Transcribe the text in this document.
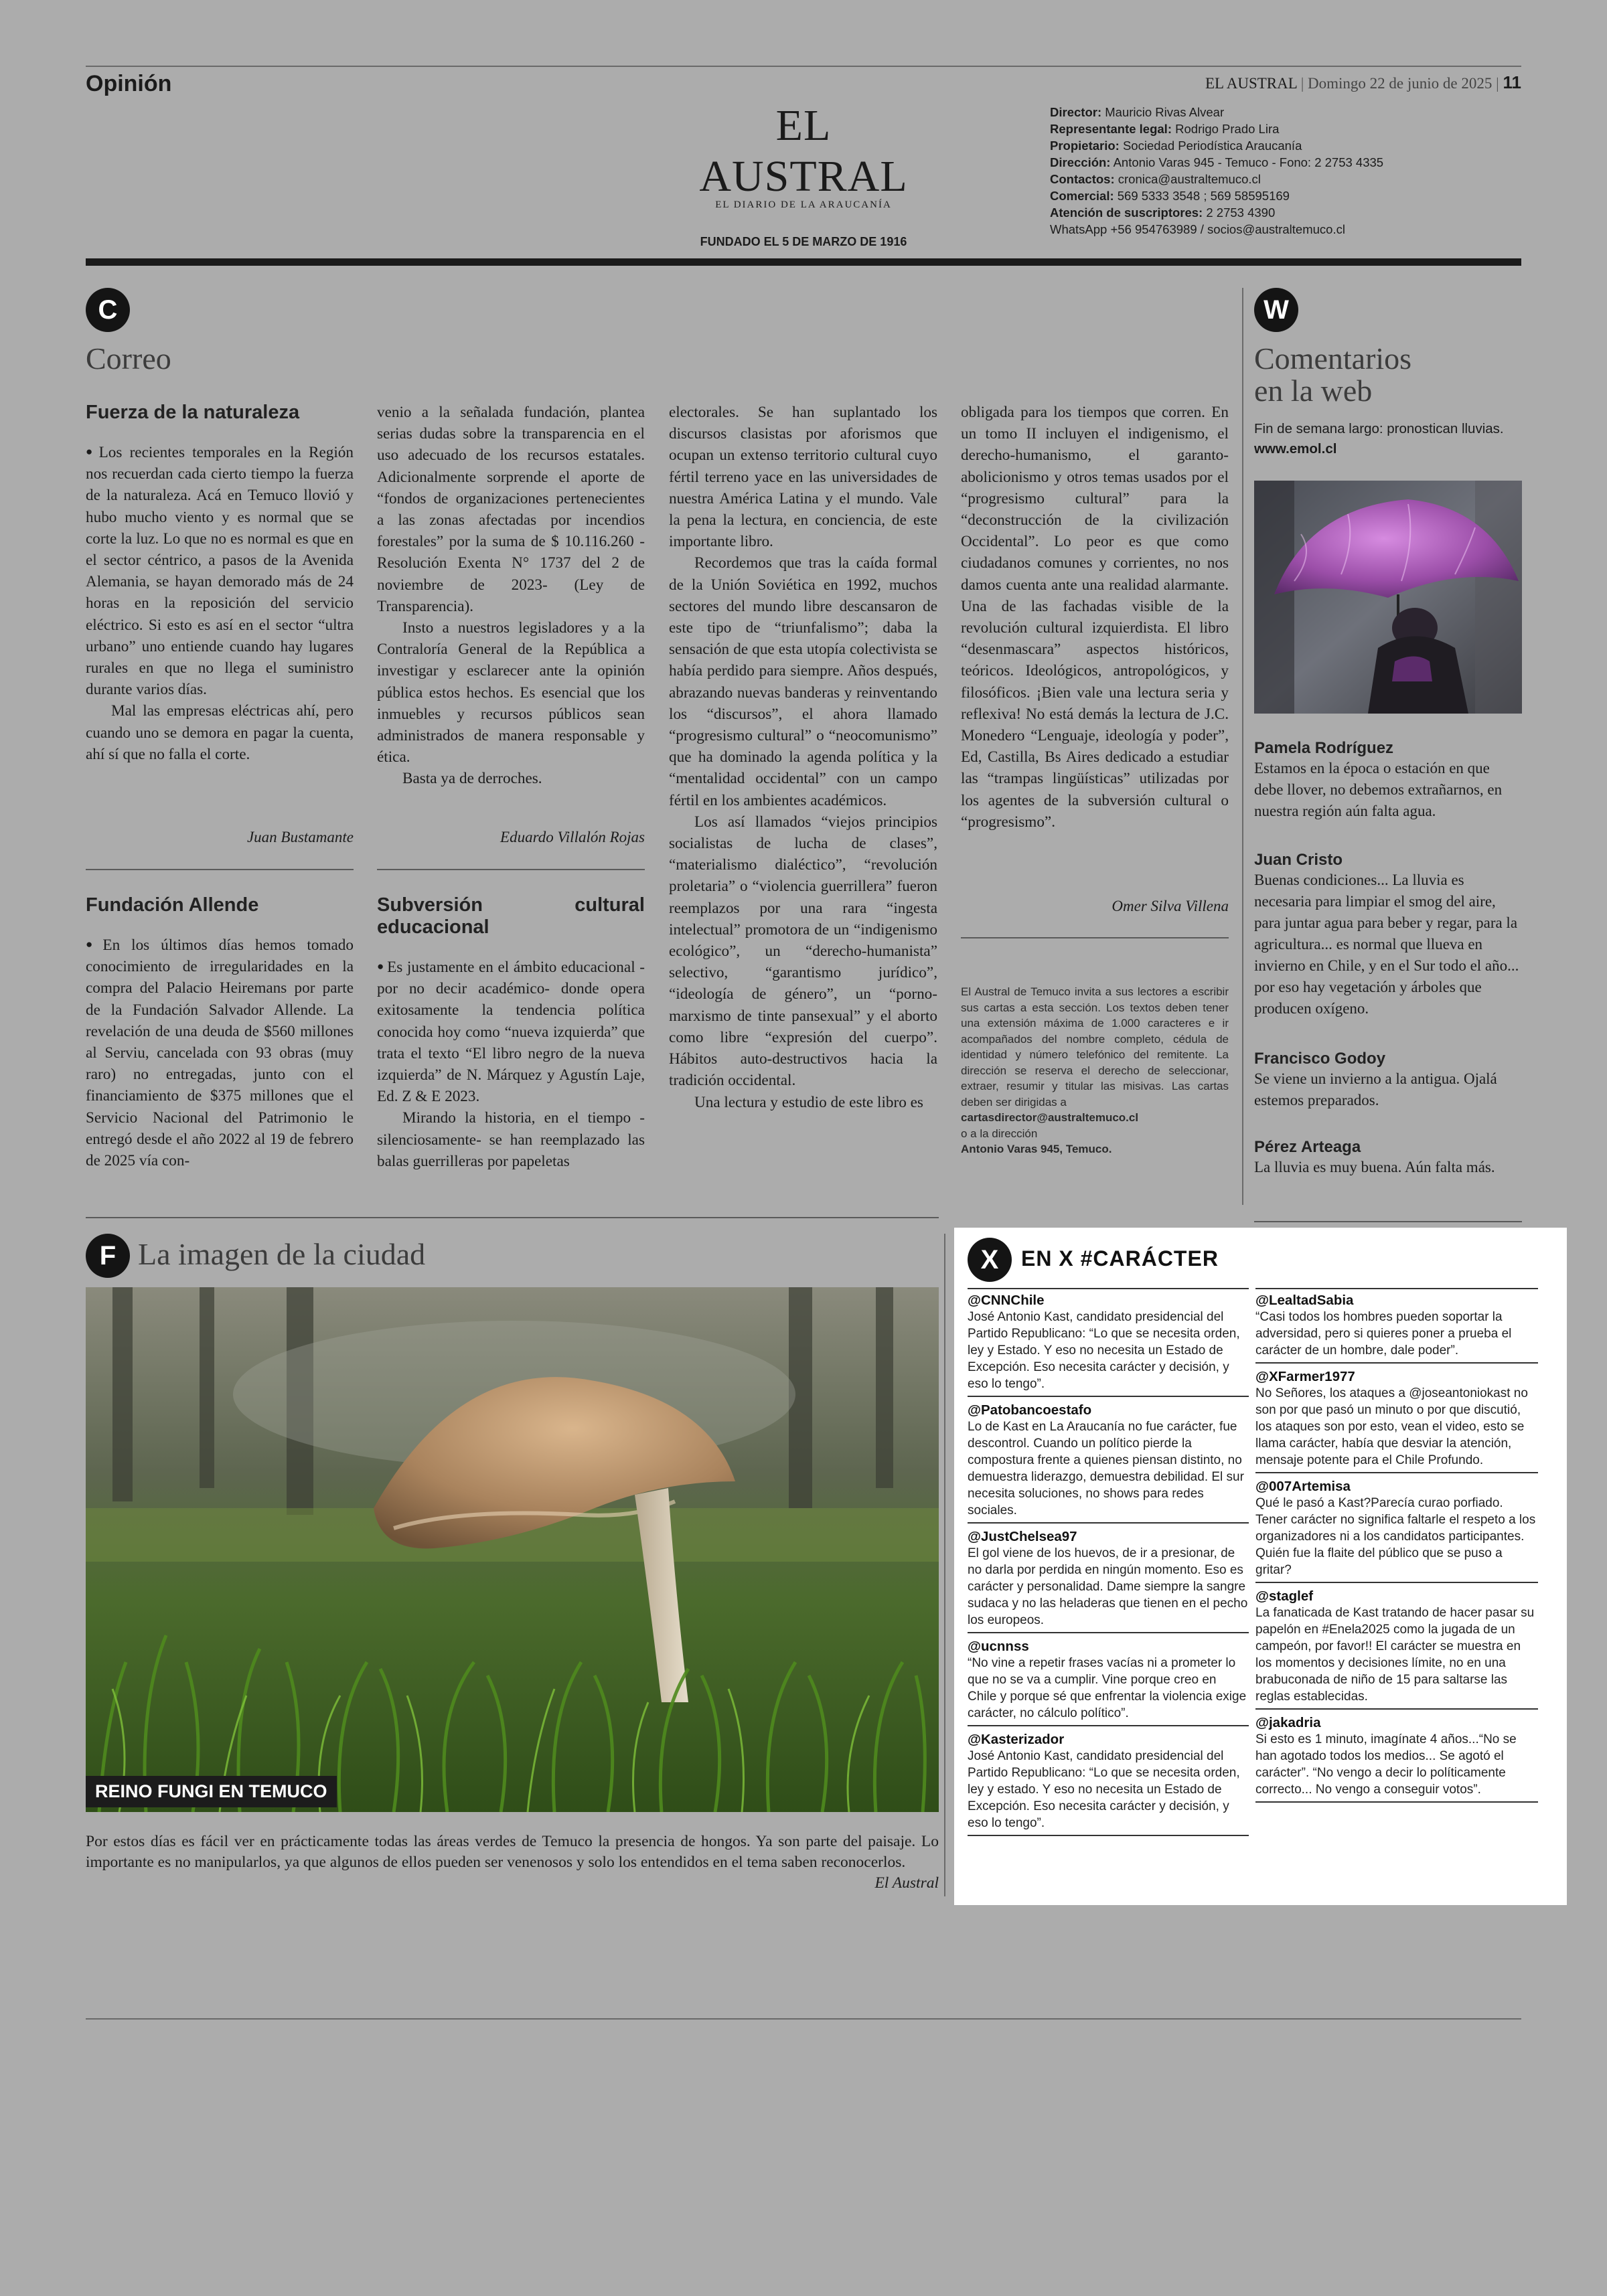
Opinión	EL AUSTRAL | Domingo 22 de junio de 2025 | 11
EL AUSTRAL
EL DIARIO DE LA ARAUCANÍA
FUNDADO EL 5 DE MARZO DE 1916
Director: Mauricio Rivas Alvear
Representante legal: Rodrigo Prado Lira
Propietario: Sociedad Periodística Araucanía
Dirección: Antonio Varas 945 - Temuco - Fono: 2 2753 4335
Contactos: cronica@australtemuco.cl
Comercial: 569 5333 3548 ; 569 58595169
Atención de suscriptores: 2 2753 4390
WhatsApp +56 954763989 / socios@australtemuco.cl
C
Correo
Fuerza de la naturaleza

● Los recientes temporales en la Región nos recuerdan cada cierto tiempo la fuerza de la naturaleza. Acá en Temuco llovió y hubo mucho viento y es normal que se corte la luz. Lo que no es normal es que en el sector céntrico, a pasos de la Avenida Alemania, se hayan demorado más de 24 horas en la reposición del servicio eléctrico. Si esto es así en el sector “ultra urbano” uno entiende cuando hay lugares rurales en que no llega el suministro durante varios días.

Mal las empresas eléctricas ahí, pero cuando uno se demora en pagar la cuenta, ahí sí que no falla el corte.

Juan Bustamante
Fundación Allende

● En los últimos días hemos tomado conocimiento de irregularidades en la compra del Palacio Heiremans por parte de la Fundación Salvador Allende. La revelación de una deuda de $560 millones al Serviu, cancelada con 93 obras (muy raro) no entregadas, junto con el financiamiento de $375 millones que el Servicio Nacional del Patrimonio le entregó desde el año 2022 al 19 de febrero de 2025 vía con-

venio a la señalada fundación, plantea serias dudas sobre la transparencia en el uso adecuado de los recursos estatales. Adicionalmente sorprende el aporte de “fondos de organizaciones pertenecientes a las zonas afectadas por incendios forestales” por la suma de $ 10.116.260 -Resolución Exenta N° 1737 del 2 de noviembre de 2023- (Ley de Transparencia).

Insto a nuestros legisladores y a la Contraloría General de la República a investigar y esclarecer ante la opinión pública estos hechos. Es esencial que los inmuebles y recursos públicos sean administrados de manera responsable y ética.

Basta ya de derroches.

Eduardo Villalón Rojas
Subversión cultural educacional

● Es justamente en el ámbito educacional -por no decir académico- donde opera exitosamente la tendencia política conocida hoy como “nueva izquierda” que trata el texto “El libro negro de la nueva izquierda” de N. Márquez y Agustín Laje, Ed. Z & E 2023.

Mirando la historia, en el tiempo -silenciosamente- se han reemplazado las balas guerrilleras por papeletas

electorales. Se han suplantado los discursos clasistas por aforismos que ocupan un extenso territorio cultural cuyo fértil terreno yace en las universidades de nuestra América Latina y el mundo. Vale la pena la lectura, en conciencia, de este importante libro.

Recordemos que tras la caída formal de la Unión Soviética en 1992, muchos sectores del mundo libre descansaron de este tipo de “triunfalismo”; daba la sensación de que esta utopía colectivista se había perdido para siempre. Años después, abrazando nuevas banderas y reinventando los “discursos”, el ahora llamado “progresismo cultural” o “neocomunismo” que ha dominado la agenda política y la “mentalidad occidental” con un campo fértil en los ambientes académicos.

Los así llamados “viejos principios socialistas de lucha de clases”, “materialismo dialéctico”, “revolución proletaria” o “violencia guerrillera” fueron reemplazos por una rara “ingesta intelectual” promotora de un “indigenismo ecológico”, un “derecho-humanista” selectivo, “garantismo jurídico”, “ideología de género”, un “porno-marxismo de tinte pansexual” y el aborto como libre “expresión del cuerpo”. Hábitos auto-destructivos hacia la tradición occidental.

Una lectura y estudio de este libro es

obligada para los tiempos que corren. En un tomo II incluyen el indigenismo, el derecho-humanismo, el garanto-abolicionismo y otros temas usados por el “progresismo cultural” para la “deconstrucción de la civilización Occidental”. Lo peor es que como ciudadanos comunes y corrientes, no nos damos cuenta ante una realidad alarmante. Una de las fachadas visible de la revolución cultural izquierdista. El libro “desenmascara” aspectos históricos, teóricos. Ideológicos, antropológicos, y filosóficos. ¡Bien vale una lectura seria y reflexiva! No está demás la lectura de J.C. Monedero “Lenguaje, ideología y poder”, Ed, Castilla, Bs Aires dedicado a estudiar las “trampas lingüísticas” utilizadas por los agentes de la subversión cultural o “progresismo”.

Omer Silva Villena
El Austral de Temuco invita a sus lectores a escribir sus cartas a esta sección. Los textos deben tener una extensión máxima de 1.000 caracteres e ir acompañados del nombre completo, cédula de identidad y número telefónico del remitente. La dirección se reserva el derecho de seleccionar, extraer, resumir y titular las misivas. Las cartas deben ser dirigidas a
cartasdirector@australtemuco.cl
o a la dirección
Antonio Varas 945, Temuco.
W
Comentarios
en la web
Fin de semana largo: pronostican lluvias.
www.emol.cl
Pamela Rodríguez
Estamos en la época o estación en que debe llover, no debemos extrañarnos, en nuestra región aún falta agua.
Juan Cristo
Buenas condiciones... La lluvia es necesaria para limpiar el smog del aire, para juntar agua para beber y regar, para la agricultura... es normal que llueva en invierno en Chile, y en el Sur todo el año... por eso hay vegetación y árboles que producen oxígeno.
Francisco Godoy
Se viene un invierno a la antigua. Ojalá estemos preparados.
Pérez Arteaga
La lluvia es muy buena. Aún falta más.
F La imagen de la ciudad
REINO FUNGI EN TEMUCO
Por estos días es fácil ver en prácticamente todas las áreas verdes de Temuco la presencia de hongos. Ya son parte del paisaje. Lo importante es no manipularlos, ya que algunos de ellos pueden ser venenosos y solo los entendidos en el tema saben reconocerlos.
El Austral
X	EN X #CARÁCTER
@CNNChile
José Antonio Kast, candidato presidencial del Partido Republicano: “Lo que se necesita orden, ley y Estado. Y eso no necesita un Estado de Excepción. Eso necesita carácter y decisión, y eso lo tengo”.
@Patobancoestafo
Lo de Kast en La Araucanía no fue carácter, fue descontrol. Cuando un político pierde la compostura frente a quienes piensan distinto, no demuestra liderazgo, demuestra debilidad. El sur necesita soluciones, no shows para redes sociales.
@JustChelsea97
El gol viene de los huevos, de ir a presionar, de no darla por perdida en ningún momento. Eso es carácter y personalidad. Dame siempre la sangre sudaca y no las heladeras que tienen en el pecho los europeos.
@ucnnss
“No vine a repetir frases vacías ni a prometer lo que no se va a cumplir. Vine porque creo en Chile y porque sé que enfrentar la violencia exige carácter, no cálculo político”.
@Kasterizador
José Antonio Kast, candidato presidencial del Partido Republicano: “Lo que se necesita orden, ley y estado. Y eso no necesita un Estado de Excepción. Eso necesita carácter y decisión, y eso lo tengo”.
@LealtadSabia
“Casi todos los hombres pueden soportar la adversidad, pero si quieres poner a prueba el carácter de un hombre, dale poder”.
@XFarmer1977
No Señores, los ataques a @joseantoniokast no son por que pasó un minuto o por que discutió, los ataques son por esto, vean el video, esto se llama carácter, había que desviar la atención, mensaje potente para el Chile Profundo.
@007Artemisa
Qué le pasó a Kast?Parecía curao porfiado. Tener carácter no significa faltarle el respeto a los organizadores ni a los candidatos participantes. Quién fue la flaite del público que se puso a gritar?
@staglef
La fanaticada de Kast tratando de hacer pasar su papelón en #Enela2025 como la jugada de un campeón, por favor!! El carácter se muestra en los momentos y decisiones límite, no en una brabuconada de niño de 15 para saltarse las reglas establecidas.
@jakadria
Si esto es 1 minuto, imagínate 4 años...“No se han agotado todos los medios... Se agotó el carácter”. “No vengo a decir lo políticamente correcto... No vengo a conseguir votos”.
